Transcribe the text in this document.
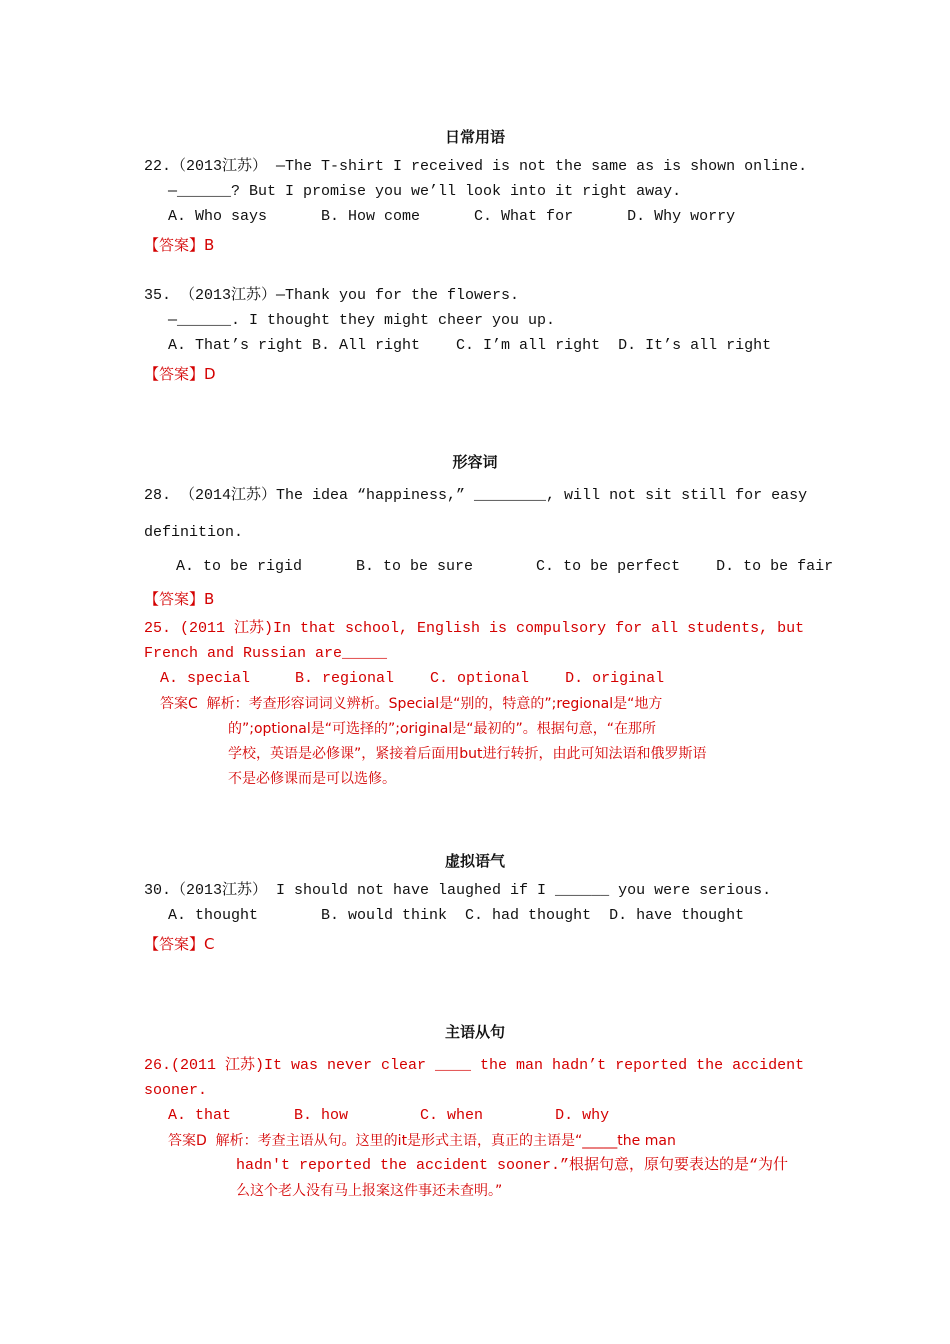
日常用语
22.（2013江苏） —The T-shirt I received is not the same as is shown online.
—______? But I promise you we’ll look into it right away.
A. Who says      B. How come      C. What for      D. Why worry
【答案】B
35. （2013江苏）—Thank you for the flowers.
—______. I thought they might cheer you up.
A. That’s right B. All right    C. I’m all right  D. It’s all right
【答案】D
形容词
28. （2014江苏）The idea “happiness,” ________, will not sit still for easy
definition.
A. to be rigid      B. to be sure       C. to be perfect    D. to be fair
【答案】B
25. (2011 江苏)In that school, English is compulsory for all students, but
French and Russian are_____
A. special     B. regional    C. optional    D. original
答案C  解析：考查形容词词义辨析。Special是“别的，特意的”;regional是“地方
的”;optional是“可选择的”;original是“最初的”。根据句意，“在那所
学校，英语是必修课”，紧接着后面用but进行转折，由此可知法语和俄罗斯语
不是必修课而是可以选修。
虚拟语气
30.（2013江苏） I should not have laughed if I ______ you were serious.
A. thought       B. would think  C. had thought  D. have thought
【答案】C
主语从句
26.(2011 江苏)It was never clear ____ the man hadn’t reported the accident
sooner.
A. that       B. how        C. when        D. why
答案D  解析：考查主语从句。这里的it是形式主语，真正的主语是“_____the man
hadn't reported the accident sooner.”根据句意，原句要表达的是“为什
么这个老人没有马上报案这件事还未查明。”
